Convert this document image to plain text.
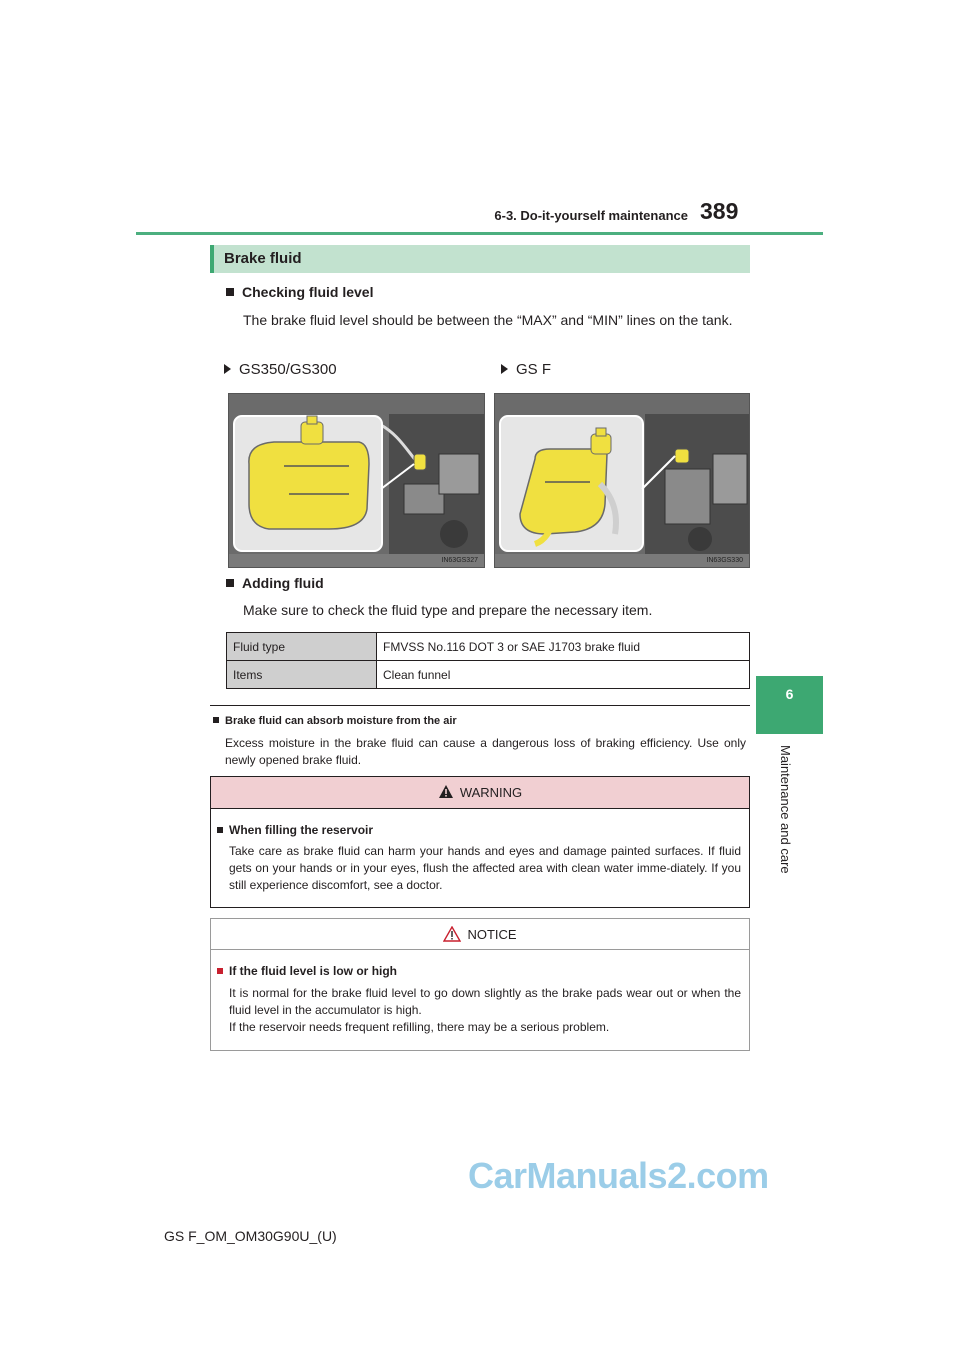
6-3. Do-it-yourself maintenance 389
6
Maintenance and care
Brake fluid
Checking fluid level
The brake fluid level should be between the “MAX” and “MIN” lines on the tank.
GS350/GS300	GS F
IN63GS327	IN63GS330
Adding fluid
Make sure to check the fluid type and prepare the necessary item.
Fluid type	FMVSS No.116 DOT 3 or SAE J1703 brake fluid
Items	Clean funnel
Brake fluid can absorb moisture from the air
Excess moisture in the brake fluid can cause a dangerous loss of braking efficiency. Use only newly opened brake fluid.
WARNING
When filling the reservoir
Take care as brake fluid can harm your hands and eyes and damage painted surfaces. If fluid gets on your hands or in your eyes, flush the affected area with clean water imme-diately. If you still experience discomfort, see a doctor.
NOTICE
If the fluid level is low or high
It is normal for the brake fluid level to go down slightly as the brake pads wear out or when the fluid level in the accumulator is high.
If the reservoir needs frequent refilling, there may be a serious problem.
CarManuals2.com
GS F_OM_OM30G90U_(U)
